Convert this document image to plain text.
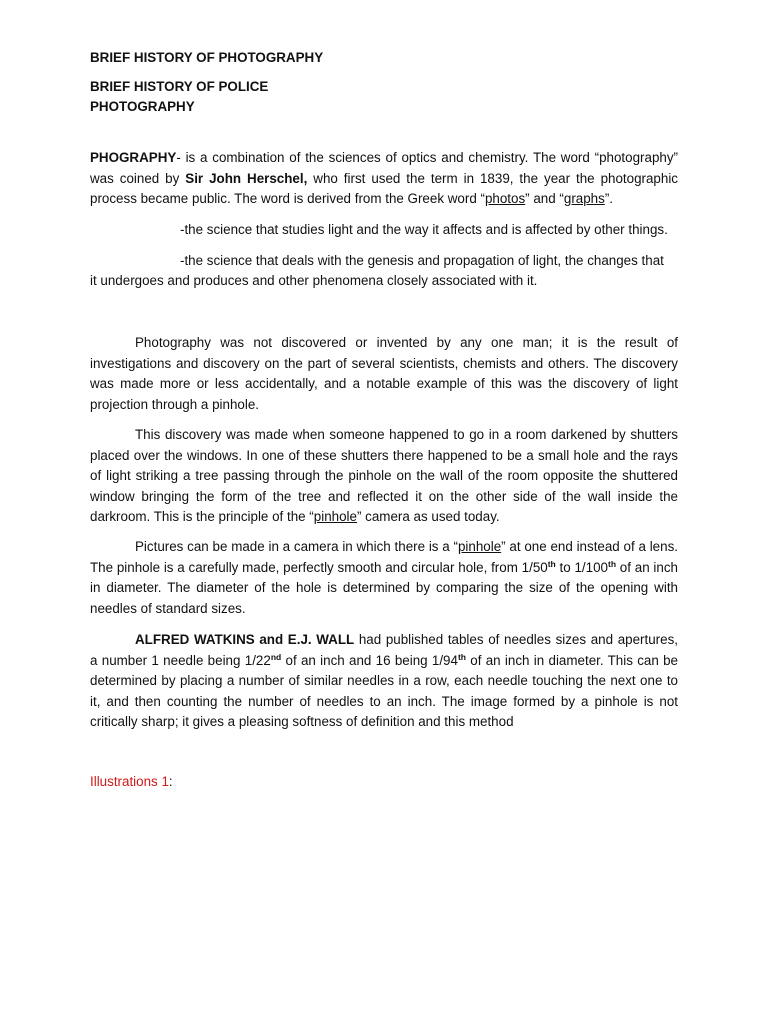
BRIEF HISTORY OF PHOTOGRAPHY
BRIEF HISTORY OF POLICE
PHOTOGRAPHY
PHOGRAPHY- is a combination of the sciences of optics and chemistry. The word “photography” was coined by Sir John Herschel, who first used the term in 1839, the year the photographic process became public. The word is derived from the Greek word “photos” and “graphs”.
-the science that studies light and the way it affects and is affected by other things.
-the science that deals with the genesis and propagation of light, the changes that
it undergoes and produces and other phenomena closely associated with it.
Photography was not discovered or invented by any one man; it is the result of investigations and discovery on the part of several scientists, chemists and others. The discovery was made more or less accidentally, and a notable example of this was the discovery of light projection through a pinhole.
This discovery was made when someone happened to go in a room darkened by shutters placed over the windows. In one of these shutters there happened to be a small hole and the rays of light striking a tree passing through the pinhole on the wall of the room opposite the shuttered window bringing the form of the tree and reflected it on the other side of the wall inside the darkroom. This is the principle of the “pinhole” camera as used today.
Pictures can be made in a camera in which there is a “pinhole” at one end instead of a lens. The pinhole is a carefully made, perfectly smooth and circular hole, from 1/50th to 1/100th of an inch in diameter. The diameter of the hole is determined by comparing the size of the opening with needles of standard sizes.
ALFRED WATKINS and E.J. WALL had published tables of needles sizes and apertures, a number 1 needle being 1/22nd of an inch and 16 being 1/94th of an inch in diameter. This can be determined by placing a number of similar needles in a row, each needle touching the next one to it, and then counting the number of needles to an inch. The image formed by a pinhole is not critically sharp; it gives a pleasing softness of definition and this method
Illustrations 1:
